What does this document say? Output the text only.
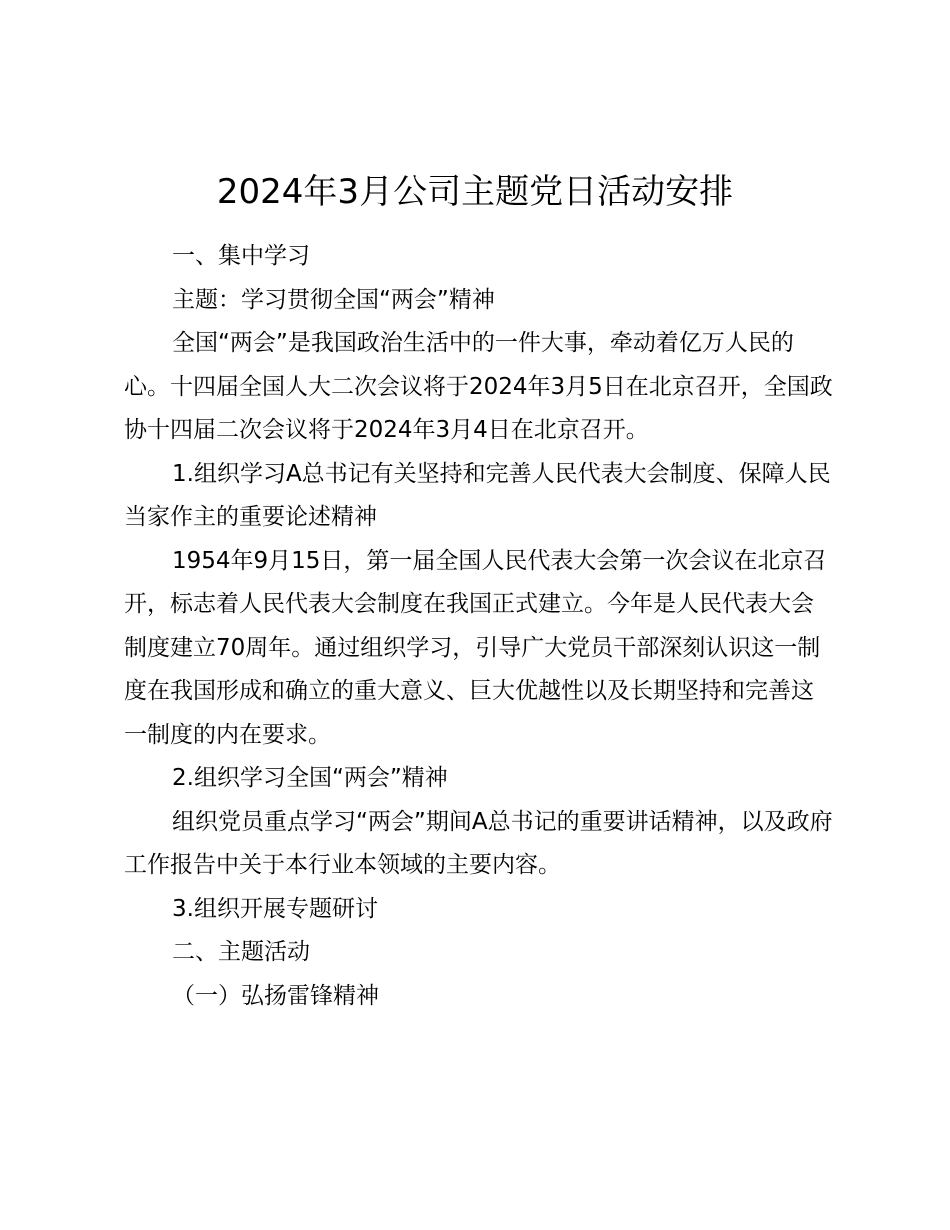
2024年3月公司主题党日活动安排

一、集中学习

主题：学习贯彻全国“两会”精神

全国“两会”是我国政治生活中的一件大事，牵动着亿万人民的心。十四届全国人大二次会议将于2024年3月5日在北京召开，全国政协十四届二次会议将于2024年3月4日在北京召开。

1.组织学习A总书记有关坚持和完善人民代表大会制度、保障人民当家作主的重要论述精神

1954年9月15日，第一届全国人民代表大会第一次会议在北京召开，标志着人民代表大会制度在我国正式建立。今年是人民代表大会制度建立70周年。通过组织学习，引导广大党员干部深刻认识这一制度在我国形成和确立的重大意义、巨大优越性以及长期坚持和完善这一制度的内在要求。

2.组织学习全国“两会”精神

组织党员重点学习“两会”期间A总书记的重要讲话精神，以及政府工作报告中关于本行业本领域的主要内容。

3.组织开展专题研讨

二、主题活动

（一）弘扬雷锋精神
